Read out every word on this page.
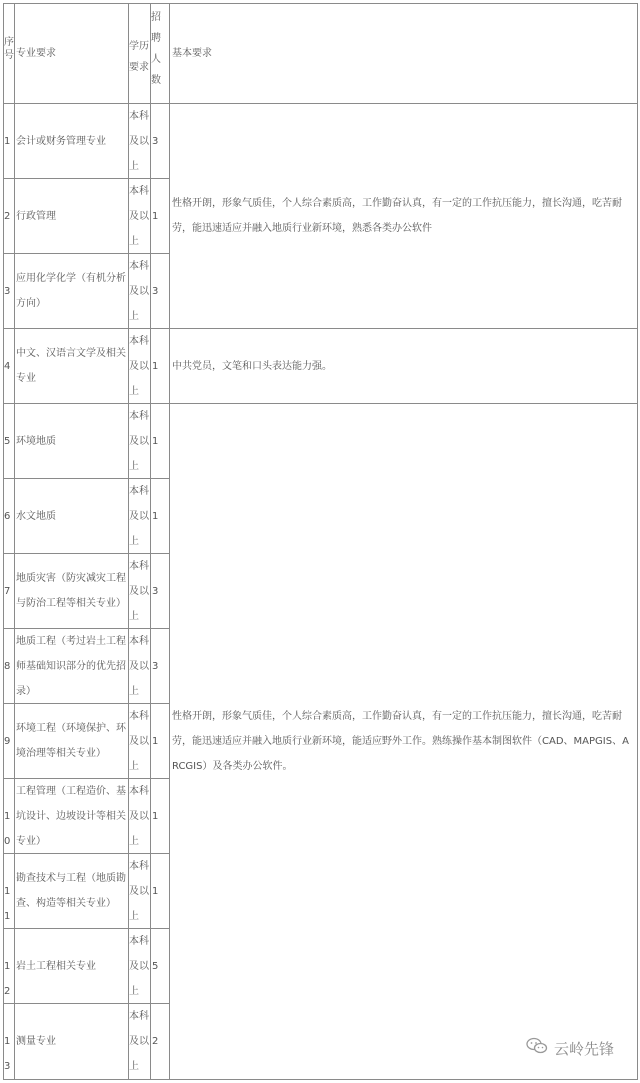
序号 专业要求
学历要求
招聘人数
基本要求
1 会计或财务管理专业
本科及以上
3
2 行政管理
本科及以上
1
3
应用化学化学（有机分析方向）
本科及以上
3
4
中文、汉语言文学及相关专业
本科及以上
1
5 环境地质
本科及以上
1
6 水文地质
本科及以上
1
7
地质灾害（防灾减灾工程与防治工程等相关专业）
本科及以上
3
8
地质工程（考过岩土工程师基础知识部分的优先招录）
本科及以上
3
9
环境工程（环境保护、环境治理等相关专业）
本科及以上
1
10
工程管理（工程造价、基坑设计、边坡设计等相关专业）
本科及以上
1
11
勘查技术与工程（地质勘查、构造等相关专业）
本科及以上
1
12
岩土工程相关专业
本科及以上
5
13
测量专业
本科及以上
2
性格开朗，形象气质佳，个人综合素质高，工作勤奋认真，有一定的工作抗压能力，擅长沟通，吃苦耐劳，能迅速适应并融入地质行业新环境，熟悉各类办公软件
中共党员，文笔和口头表达能力强。
性格开朗，形象气质佳，个人综合素质高，工作勤奋认真，有一定的工作抗压能力，擅长沟通，吃苦耐劳，能迅速适应并融入地质行业新环境，能适应野外工作。熟练操作基本制图软件（CAD、MAPGIS、ARCGIS）及各类办公软件。
云岭先锋
